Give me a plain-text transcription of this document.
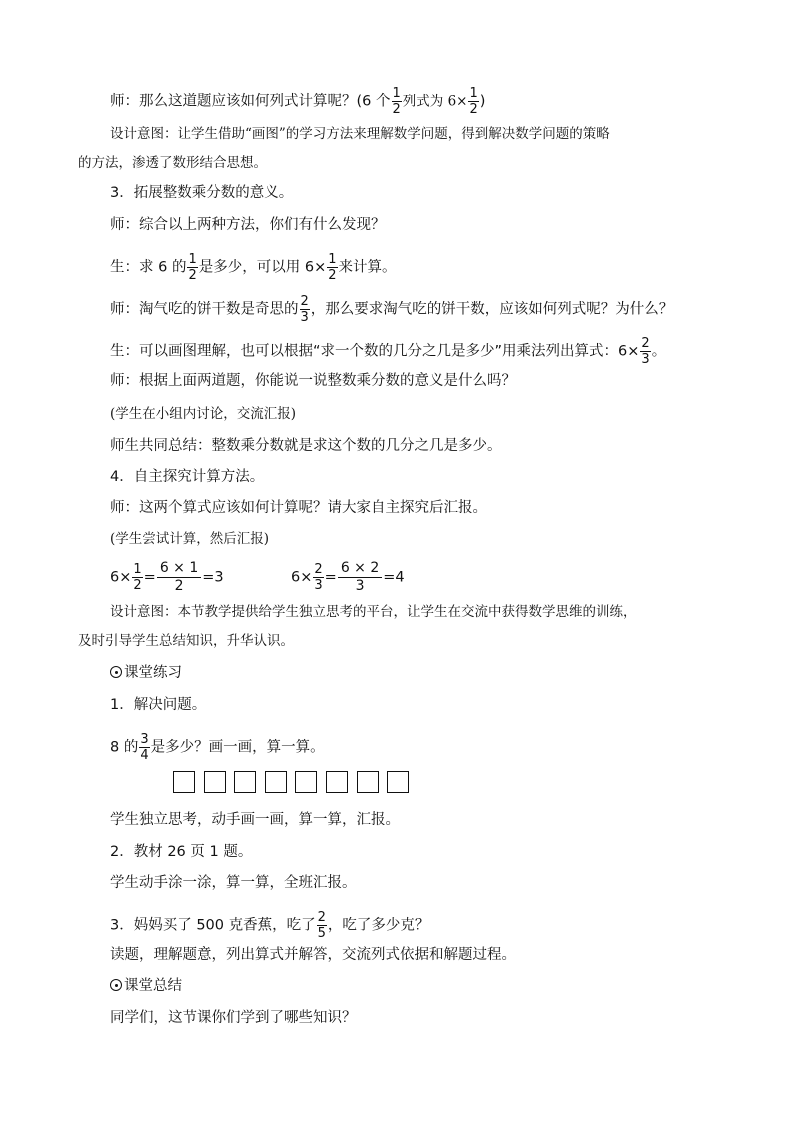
师：那么这道题应该如何列式计算呢？(6 个 $\frac{1}{2}$ 列式为 $6\times \frac{1}{2}$ )
设计意图：让学生借助“画图”的学习方法来理解数学问题，得到解决数学问题的策略
的方法，渗透了数形结合思想。
3．拓展整数乘分数的意义。
师：综合以上两种方法，你们有什么发现？
生：求 6 的 $\frac{1}{2}$ 是多少，可以用 $6\times \frac{1}{2}$ 来计算。
师：淘气吃的饼干数是奇思的 $\frac{2}{3}$ ，那么要求淘气吃的饼干数，应该如何列式呢？为什么？
生：可以画图理解，也可以根据“求一个数的几分之几是多少”用乘法列出算式：$6\times \frac{2}{3}$ 。
师：根据上面两道题，你能说一说整数乘分数的意义是什么吗？
(学生在小组内讨论，交流汇报)
师生共同总结：整数乘分数就是求这个数的几分之几是多少。
4．自主探究计算方法。
师：这两个算式应该如何计算呢？请大家自主探究后汇报。
(学生尝试计算，然后汇报)
$6\times \frac{1}{2} = \frac{6 \times 1}{2} =3$	$6\times \frac{2}{3} = \frac{6 \times 2}{3} =4$
设计意图：本节教学提供给学生独立思考的平台，让学生在交流中获得数学思维的训练，
及时引导学生总结知识，升华认识。
课堂练习
1．解决问题。
8 的 $\frac{3}{4}$ 是多少？画一画，算一算。
学生独立思考，动手画一画，算一算，汇报。
2．教材 26 页 1 题。
学生动手涂一涂，算一算，全班汇报。
3．妈妈买了 500 克香蕉，吃了 $\frac{2}{5}$ ，吃了多少克？
读题，理解题意，列出算式并解答，交流列式依据和解题过程。
课堂总结
同学们，这节课你们学到了哪些知识？
